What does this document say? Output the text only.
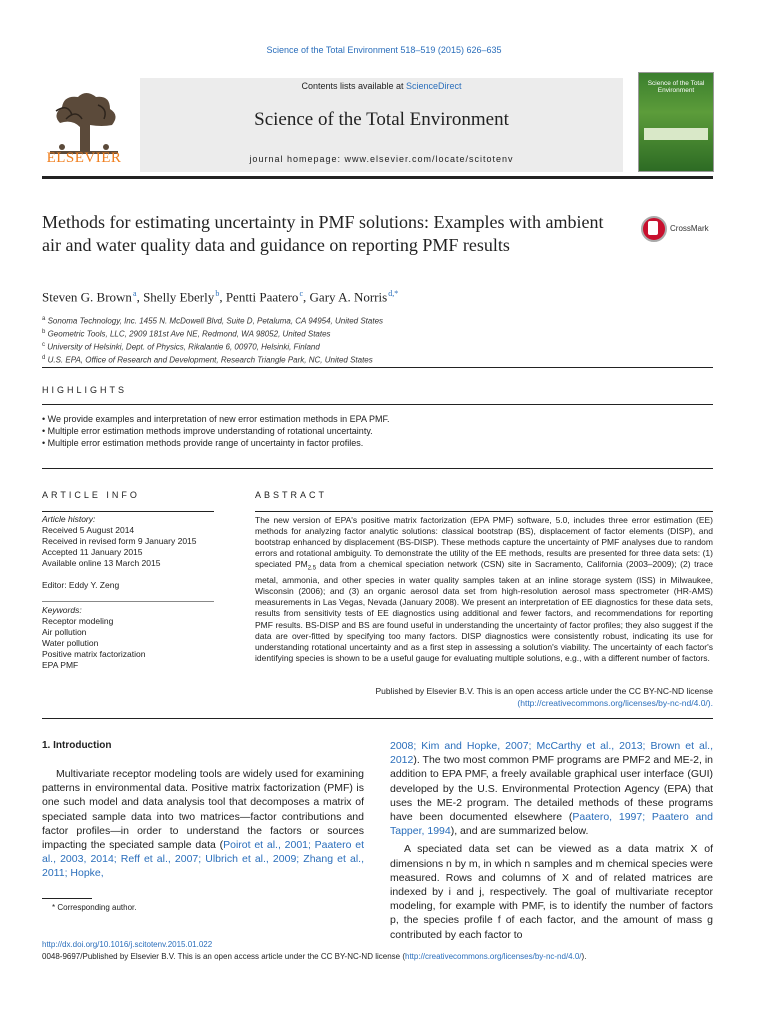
Science of the Total Environment 518–519 (2015) 626–635
ELSEVIER
Contents lists available at ScienceDirect
Science of the Total Environment
journal homepage: www.elsevier.com/locate/scitotenv
Science of the Total Environment
Methods for estimating uncertainty in PMF solutions: Examples with ambient air and water quality data and guidance on reporting PMF results
CrossMark
Steven G. Brown $^a$, Shelly Eberly $^b$, Pentti Paatero $^c$, Gary A. Norris $^{d,*}$
$^a$ Sonoma Technology, Inc. 1455 N. McDowell Blvd, Suite D, Petaluma, CA 94954, United States
$^b$ Geometric Tools, LLC, 2909 181st Ave NE, Redmond, WA 98052, United States
$^c$ University of Helsinki, Dept. of Physics, Rikalantie 6, 00970, Helsinki, Finland
$^d$ U.S. EPA, Office of Research and Development, Research Triangle Park, NC, United States
HIGHLIGHTS
• We provide examples and interpretation of new error estimation methods in EPA PMF.
• Multiple error estimation methods improve understanding of rotational uncertainty.
• Multiple error estimation methods provide range of uncertainty in factor profiles.
ARTICLE INFO	ABSTRACT
Article history:
Received 5 August 2014
Received in revised form 9 January 2015
Accepted 11 January 2015
Available online 13 March 2015
Editor: Eddy Y. Zeng
Keywords:
Receptor modeling
Air pollution
Water pollution
Positive matrix factorization
EPA PMF
The new version of EPA's positive matrix factorization (EPA PMF) software, 5.0, includes three error estimation (EE) methods for analyzing factor analytic solutions: classical bootstrap (BS), displacement of factor elements (DISP), and bootstrap enhanced by displacement (BS-DISP). These methods capture the uncertainty of PMF analyses due to random errors and rotational ambiguity. To demonstrate the utility of the EE methods, results are presented for three data sets: (1) speciated $PM_{2.5}$ data from a chemical speciation network (CSN) site in Sacramento, California (2003–2009); (2) trace metal, ammonia, and other species in water quality samples taken at an inline storage system (ISS) in Milwaukee, Wisconsin (2006); and (3) an organic aerosol data set from high-resolution aerosol mass spectrometer (HR-AMS) measurements in Las Vegas, Nevada (January 2008). We present an interpretation of EE diagnostics for these data sets, results from sensitivity tests of EE diagnostics using additional and fewer factors, and recommendations for reporting PMF results. BS-DISP and BS are found useful in understanding the uncertainty of factor profiles; they also suggest if the data are over-fitted by specifying too many factors. DISP diagnostics were consistently robust, indicating its use for understanding rotational uncertainty and as a first step in assessing a solution's viability. The uncertainty of each factor's identifying species is shown to be a useful gauge for evaluating multiple solutions, e.g., with a different number of factors.
Published by Elsevier B.V. This is an open access article under the CC BY-NC-ND license
(http://creativecommons.org/licenses/by-nc-nd/4.0/).
1. Introduction
Multivariate receptor modeling tools are widely used for examining patterns in environmental data. Positive matrix factorization (PMF) is one such model and data analysis tool that decomposes a matrix of speciated sample data into two matrices—factor contributions and factor profiles—in order to understand the factors or sources impacting the speciated sample data (Poirot et al., 2001; Paatero et al., 2003, 2014; Reff et al., 2007; Ulbrich et al., 2009; Zhang et al., 2011; Hopke,

2008; Kim and Hopke, 2007; McCarthy et al., 2013; Brown et al., 2012). The two most common PMF programs are PMF2 and ME-2, in addition to EPA PMF, a freely available graphical user interface (GUI) developed by the U.S. Environmental Protection Agency (EPA) that uses the ME-2 program. The detailed methods of these programs have been documented elsewhere (Paatero, 1997; Paatero and Tapper, 1994), and are summarized below.

A speciated data set can be viewed as a data matrix X of dimensions n by m, in which n samples and m chemical species were measured. Rows and columns of X and of related matrices are indexed by i and j, respectively. The goal of multivariate receptor modeling, for example with PMF, is to identify the number of factors p, the species profile f of each factor, and the amount of mass g contributed by each factor to

* Corresponding author.
http://dx.doi.org/10.1016/j.scitotenv.2015.01.022
0048-9697/Published by Elsevier B.V. This is an open access article under the CC BY-NC-ND license (http://creativecommons.org/licenses/by-nc-nd/4.0/).
